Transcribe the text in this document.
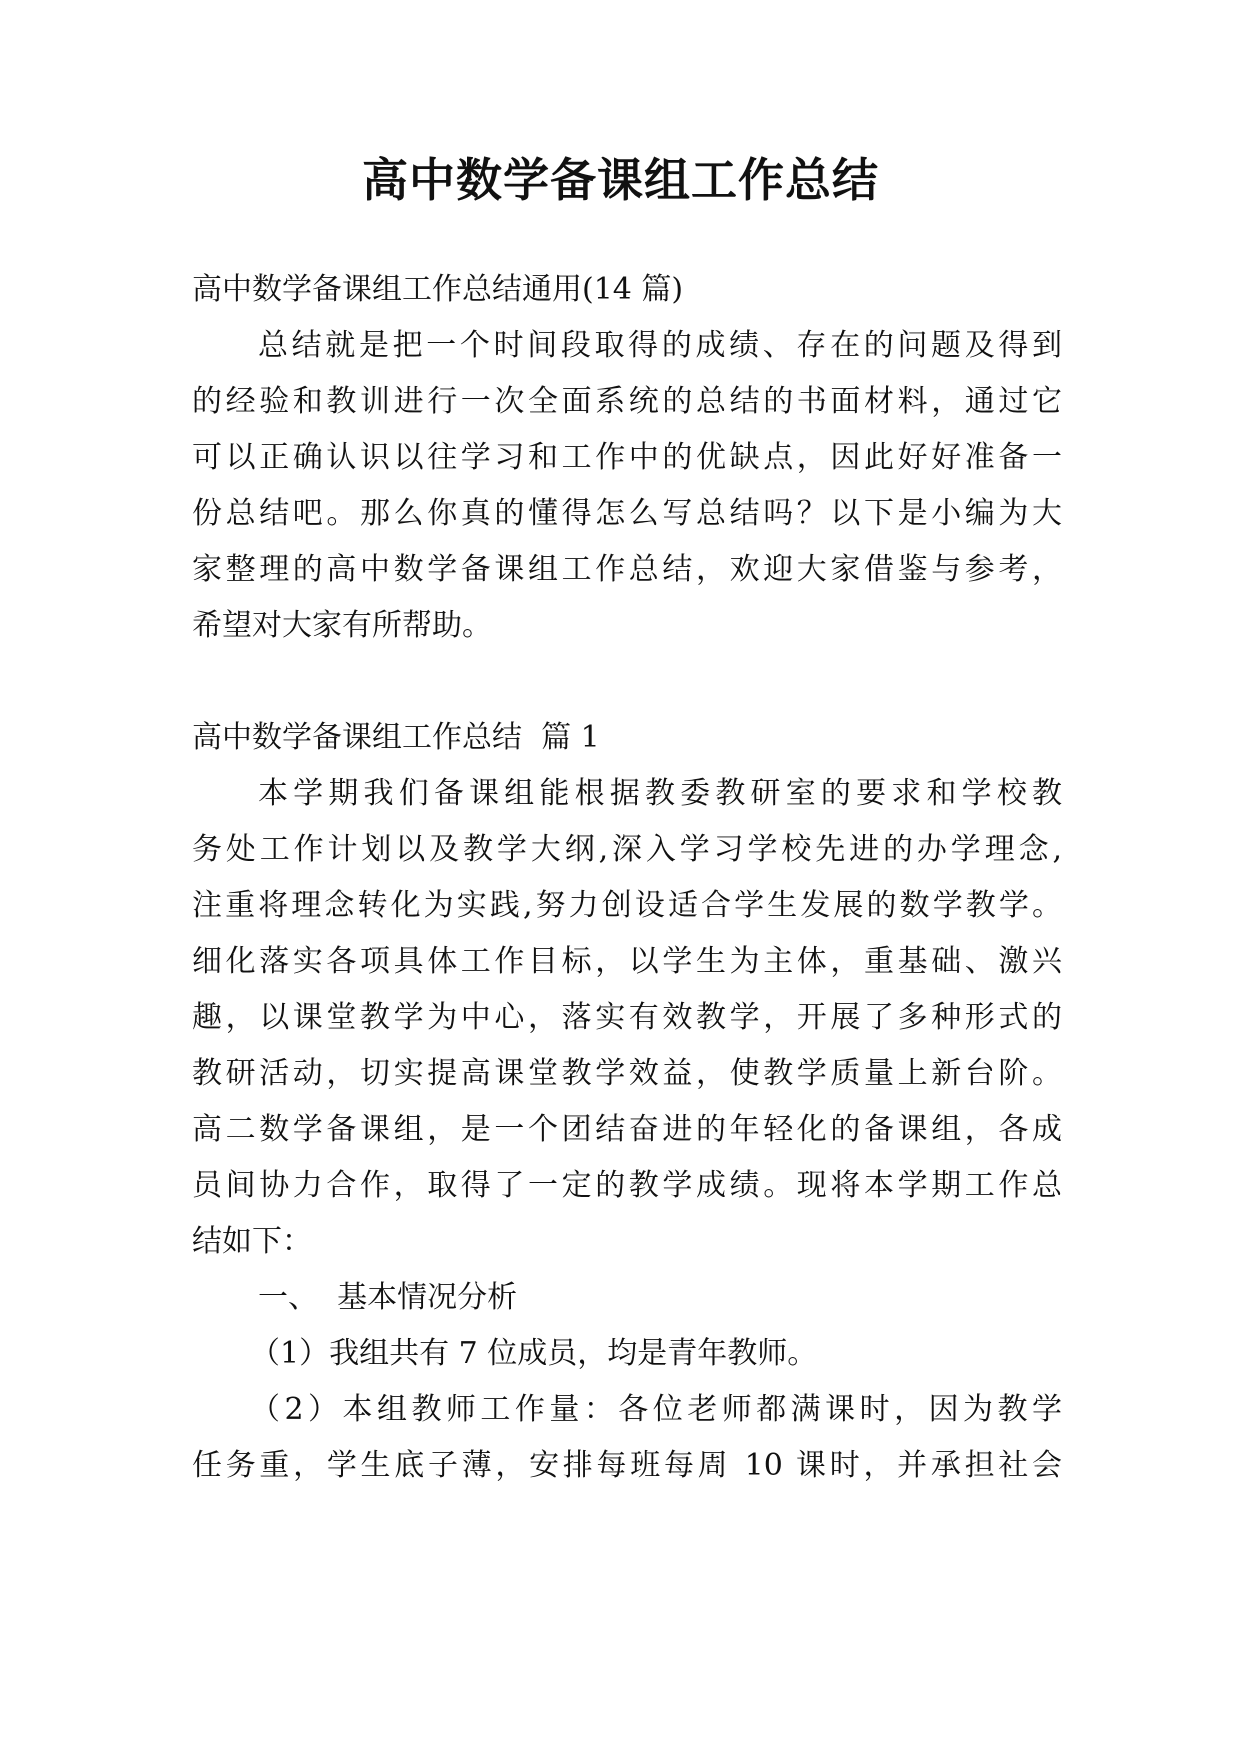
高中数学备课组工作总结
高中数学备课组工作总结通用(14 篇)
总结就是把一个时间段取得的成绩、存在的问题及得到
的经验和教训进行一次全面系统的总结的书面材料，通过它
可以正确认识以往学习和工作中的优缺点，因此好好准备一
份总结吧。那么你真的懂得怎么写总结吗？以下是小编为大
家整理的高中数学备课组工作总结，欢迎大家借鉴与参考，
希望对大家有所帮助。
高中数学备课组工作总结  篇 1
本学期我们备课组能根据教委教研室的要求和学校教
务处工作计划以及教学大纲,深入学习学校先进的办学理念,
注重将理念转化为实践,努力创设适合学生发展的数学教学。
细化落实各项具体工作目标，以学生为主体，重基础、激兴
趣，以课堂教学为中心，落实有效教学，开展了多种形式的
教研活动，切实提高课堂教学效益，使教学质量上新台阶。
高二数学备课组，是一个团结奋进的年轻化的备课组，各成
员间协力合作，取得了一定的教学成绩。现将本学期工作总
结如下：
一、  基本情况分析
（1）我组共有 7 位成员，均是青年教师。
（2）本组教师工作量：各位老师都满课时，因为教学
任务重，学生底子薄，安排每班每周 10 课时，并承担社会
